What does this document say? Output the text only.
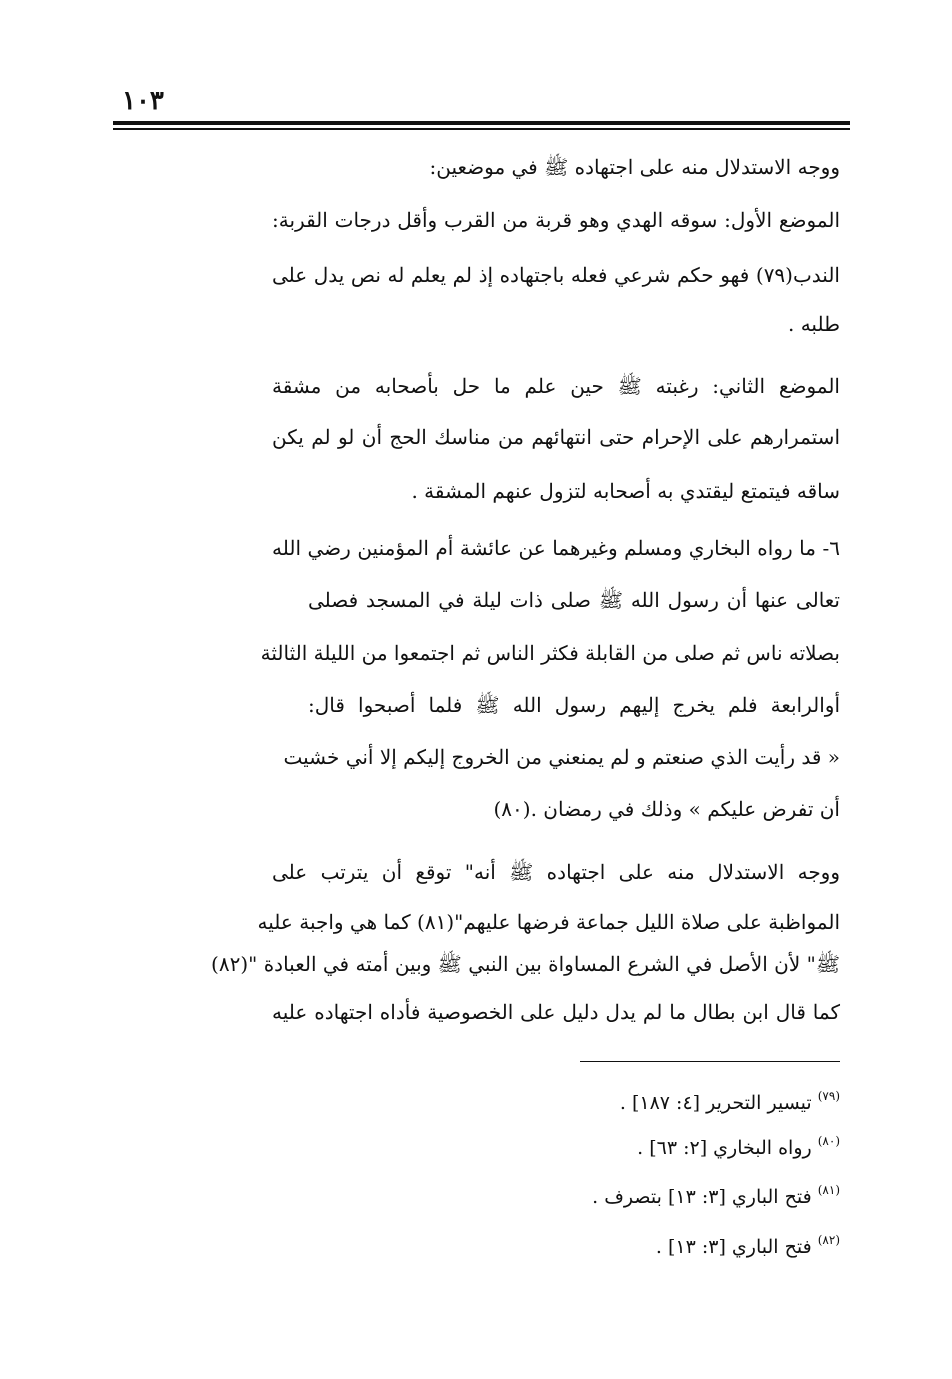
١٠٣
ووجه الاستدلال منه على اجتهاده ﷺ في موضعين:
الموضع الأول: سوقه الهدي وهو قربة من القرب وأقل درجات القربة:
الندب(٧٩) فهو حكم شرعي فعله باجتهاده إذ لم يعلم له نص يدل على
طلبه .
الموضع الثاني: رغبته ﷺ حين علم ما حل بأصحابه من مشقة
استمرارهم على الإحرام حتى انتهائهم من مناسك الحج أن لو لم يكن
ساقه فيتمتع ليقتدي به أصحابه لتزول عنهم المشقة .
٦- ما رواه البخاري ومسلم وغيرهما عن عائشة أم المؤمنين رضي الله
تعالى عنها أن رسول الله ﷺ صلى ذات ليلة في المسجد فصلى
بصلاته ناس ثم صلى من القابلة فكثر الناس ثم اجتمعوا من الليلة الثالثة
أوالرابعة فلم يخرج إليهم رسول الله ﷺ فلما أصبحوا قال:
« قد رأيت الذي صنعتم و لم يمنعني من الخروج إليكم إلا أني خشيت
أن تفرض عليكم » وذلك في رمضان .(٨٠)
ووجه الاستدلال منه على اجتهاده ﷺ أنه" توقع أن يترتب على
المواظبة على صلاة الليل جماعة فرضها عليهم"(٨١) كما هي واجبة عليه
ﷺ" لأن الأصل في الشرع المساواة بين النبي ﷺ وبين أمته في العبادة "(٨٢)
كما قال ابن بطال ما لم يدل دليل على الخصوصية فأداه اجتهاده عليه
$^{(٧٩)}$ تيسير التحرير [٤: ١٨٧] .
$^{(٨٠)}$ رواه البخاري [٢: ٦٣] .
$^{(٨١)}$ فتح الباري [٣: ١٣] بتصرف .
$^{(٨٢)}$ فتح الباري [٣: ١٣] .
